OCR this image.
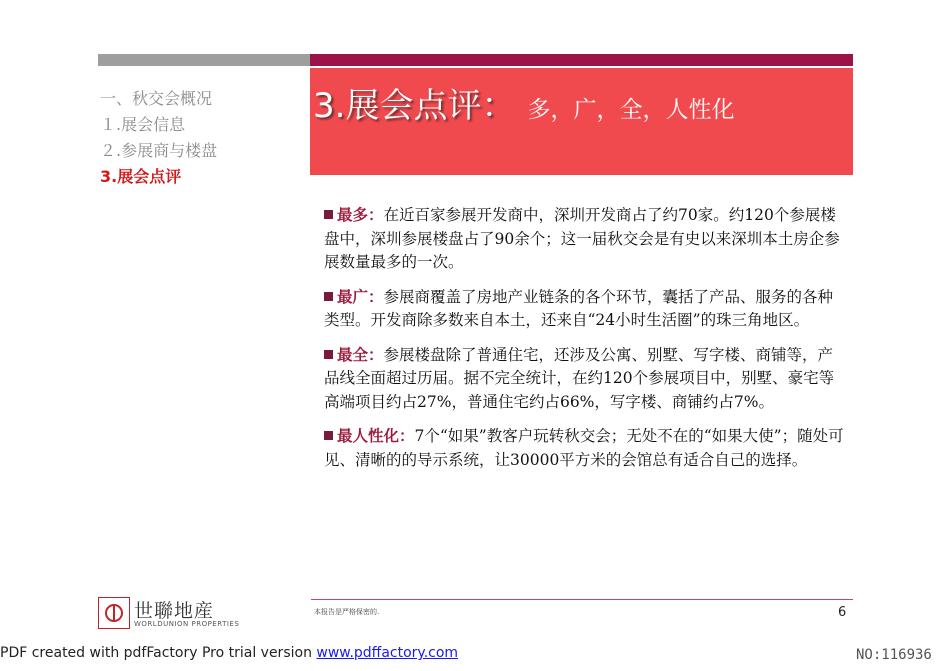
3.展会点评： 多，广，全，人性化
一、秋交会概况
１.展会信息
２.参展商与楼盘
3.展会点评

最多：在近百家参展开发商中，深圳开发商占了约70家。约120个参展楼盘中，深圳参展楼盘占了90余个；这一届秋交会是有史以来深圳本土房企参展数量最多的一次。

最广：参展商覆盖了房地产业链条的各个环节，囊括了产品、服务的各种类型。开发商除多数来自本土，还来自“24小时生活圈”的珠三角地区。

最全：参展楼盘除了普通住宅，还涉及公寓、别墅、写字楼、商铺等，产品线全面超过历届。据不完全统计，在约120个参展项目中，别墅、豪宅等高端项目约占27%，普通住宅约占66%，写字楼、商铺约占7%。

最人性化：7个“如果”教客户玩转秋交会；无处不在的“如果大使”；随处可见、清晰的的导示系统，让30000平方米的会馆总有适合自己的选择。

世聯地産
WORLDUNION PROPERTIES
本报告是严格保密的.	6
PDF created with pdfFactory Pro trial version www.pdffactory.com	NO:116936
